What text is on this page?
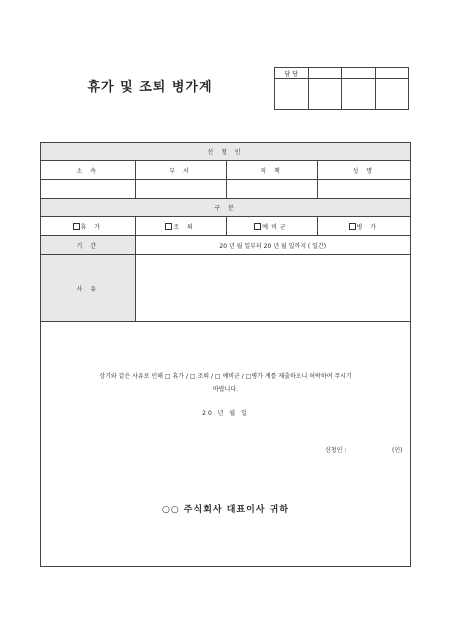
휴가 및 조퇴 병가계
담 당			

신 청 인			
소 속	부 서	직 책	성 명

구 분			
휴 가	조 퇴	예비군	병 가
기 간	20 년 월 일부터 20 년 월 일까지 ( 일간)		
사 유			
상기와 같은 사유로 인해 □ 휴가 / □ 조퇴 / □ 예비군 / □병가 계를 제출하오니 허락하여 주시기
바랍니다.
20 년 월 일
신청인 :	(인)
○○ 주식회사 대표이사 귀하
